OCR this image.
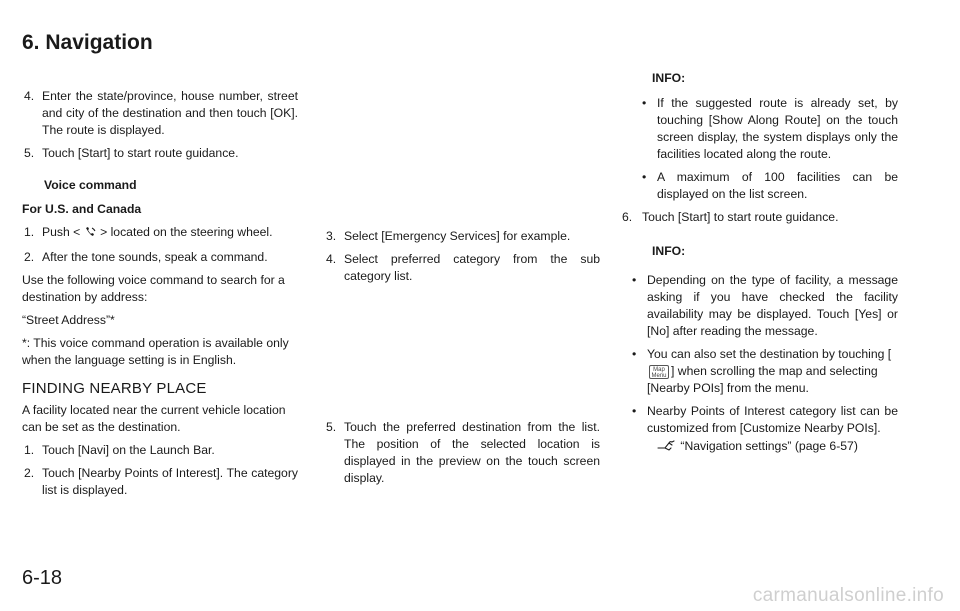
6. Navigation
4. Enter the state/province, house number, street and city of the destination and then touch [OK]. The route is displayed.
5. Touch [Start] to start route guidance.
Voice command
For U.S. and Canada
1. Push < > located on the steering wheel.
2. After the tone sounds, speak a command.

Use the following voice command to search for a destination by address:

“Street Address”*

*: This voice command operation is available only when the language setting is in English.

FINDING NEARBY PLACE

A facility located near the current vehicle location can be set as the destination.

1. Touch [Navi] on the Launch Bar.
2. Touch [Nearby Points of Interest]. The category list is displayed.
3. Select [Emergency Services] for example.
4. Select preferred category from the sub category list.
5. Touch the preferred destination from the list. The position of the selected location is displayed in the preview on the touch screen display.
INFO:
• If the suggested route is already set, by touching [Show Along Route] on the touch screen display, the system displays only the facilities located along the route.
• A maximum of 100 facilities can be displayed on the list screen.
6. Touch [Start] to start route guidance.
INFO:
• Depending on the type of facility, a message asking if you have checked the facility availability may be displayed. Touch [Yes] or [No] after reading the message.
• You can also set the destination by touching [Map
Menu ] when scrolling the map and selecting [Nearby POIs] from the menu.
• Nearby Points of Interest category list can be customized from [Customize Nearby POIs].
“Navigation settings” (page 6-57)
6-18
carmanualsonline.info
